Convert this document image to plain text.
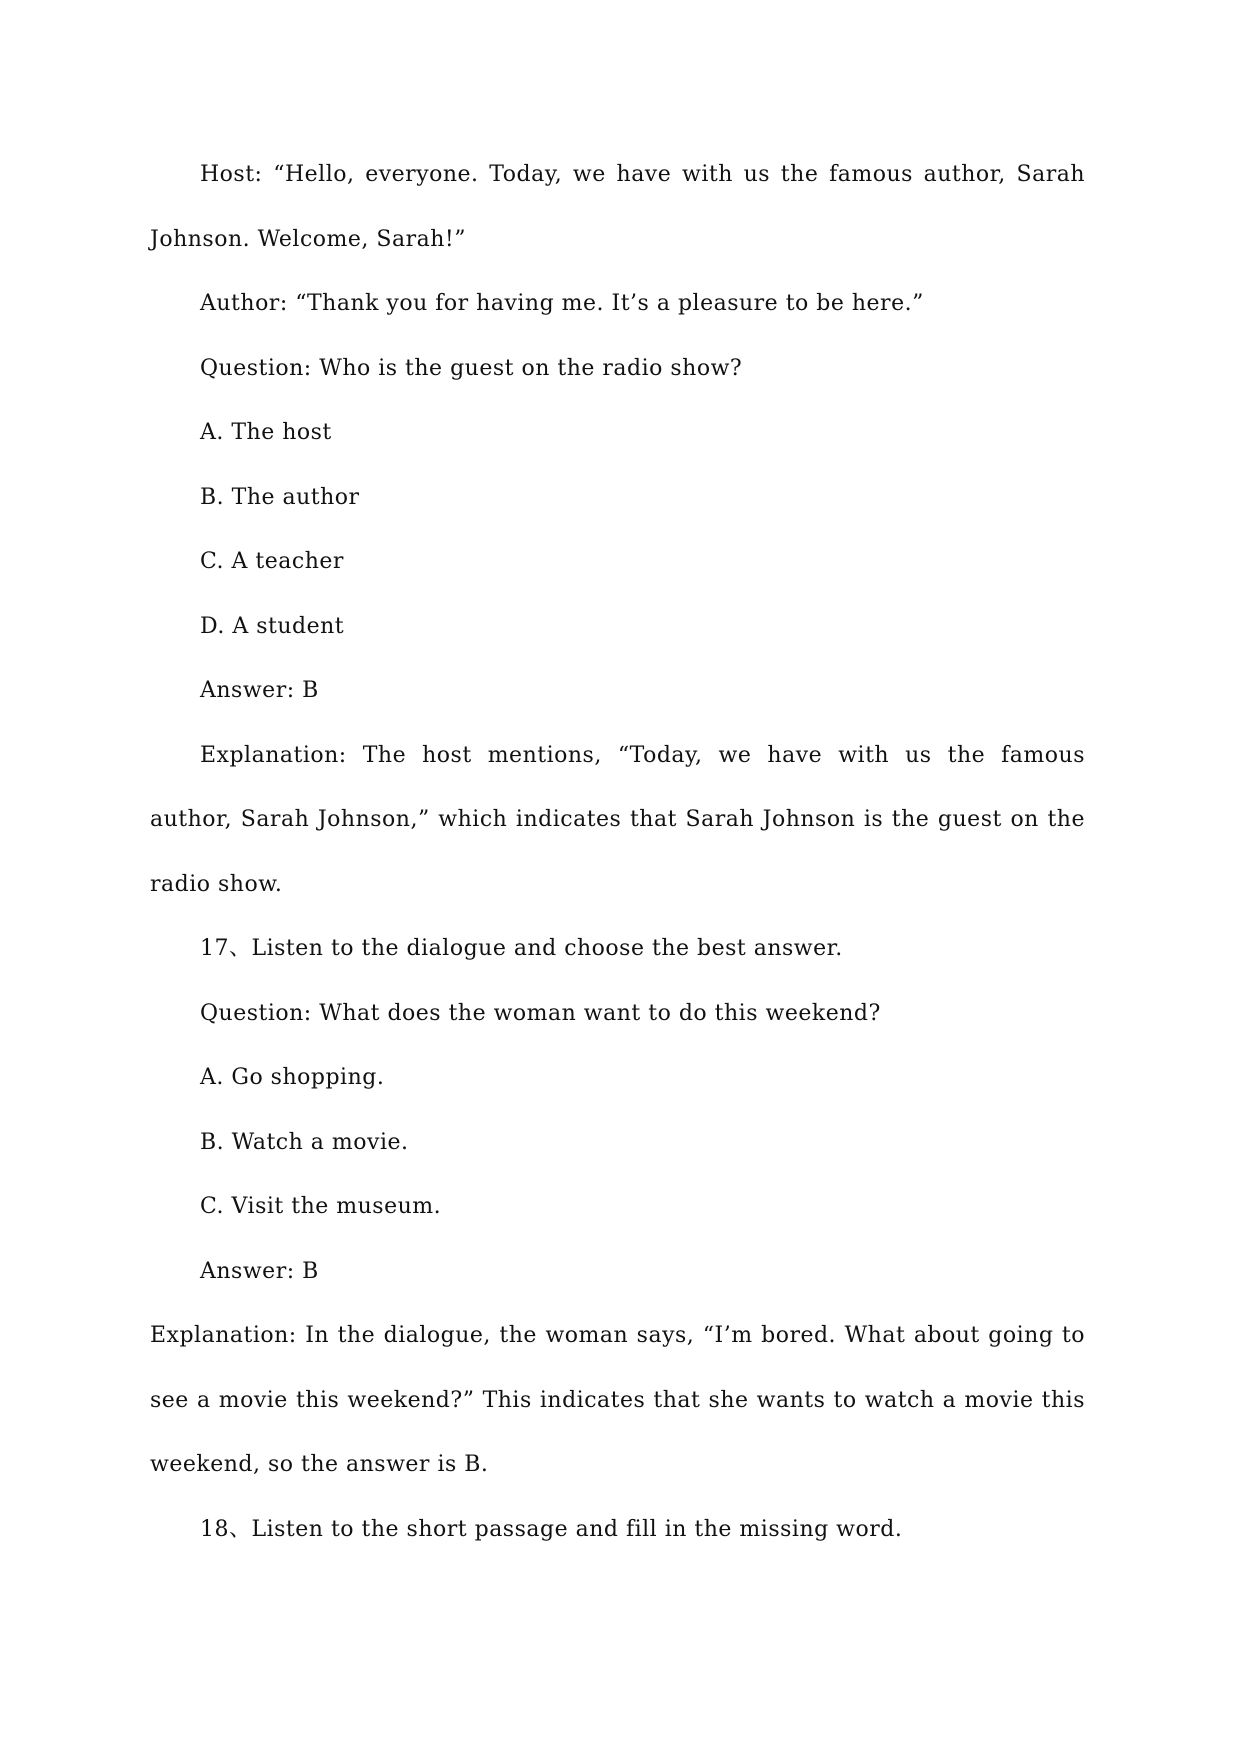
Host: “Hello, everyone. Today, we have with us the famous author, Sarah Johnson. Welcome, Sarah!”

Author: “Thank you for having me. It’s a pleasure to be here.”

Question: Who is the guest on the radio show?

A. The host

B. The author

C. A teacher

D. A student

Answer: B

Explanation: The host mentions, “Today, we have with us the famous author, Sarah Johnson,” which indicates that Sarah Johnson is the guest on the radio show.

17、Listen to the dialogue and choose the best answer.

Question: What does the woman want to do this weekend?

A. Go shopping.

B. Watch a movie.

C. Visit the museum.

Answer: B

Explanation: In the dialogue, the woman says, “I’m bored. What about going to see a movie this weekend?” This indicates that she wants to watch a movie this weekend, so the answer is B.

18、Listen to the short passage and fill in the missing word.
